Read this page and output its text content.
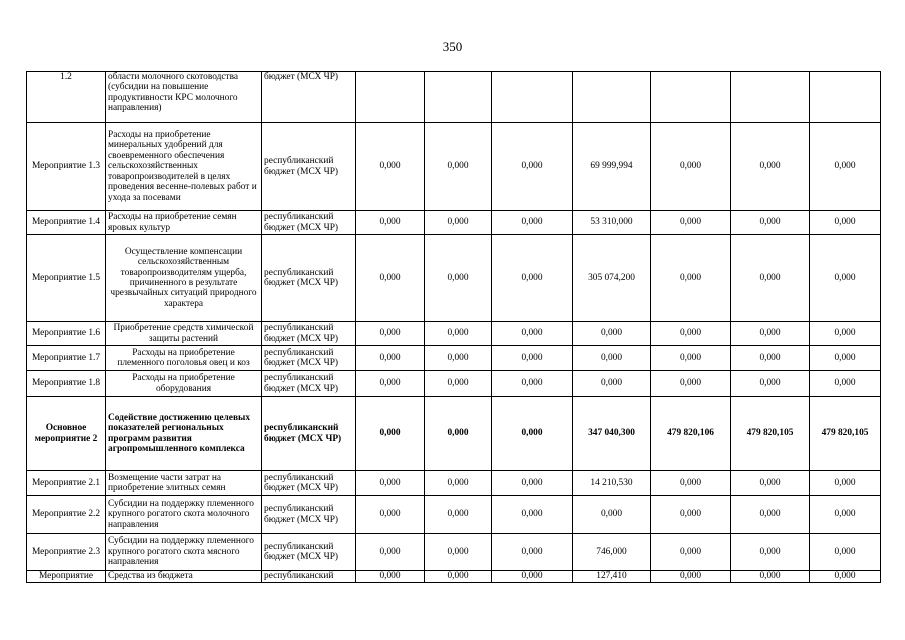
350
1.2	области молочного скотоводства (субсидии на повышение продуктивности КРС молочного направления)	бюджет (МСХ ЧР)							
Мероприятие 1.3	Расходы на приобретение минеральных удобрений для своевременного обеспечения сельскохозяйственных товаропроизводителей в целях проведения весенне-полевых работ и ухода за посевами	республиканский бюджет (МСХ ЧР)	0,000	0,000	0,000	69 999,994	0,000	0,000	0,000
Мероприятие 1.4	Расходы на приобретение семян яровых культур	республиканский бюджет (МСХ ЧР)	0,000	0,000	0,000	53 310,000	0,000	0,000	0,000
Мероприятие 1.5	Осуществление компенсации сельскохозяйственным товаропроизводителям ущерба, причиненного в результате чрезвычайных ситуаций природного характера	республиканский бюджет (МСХ ЧР)	0,000	0,000	0,000	305 074,200	0,000	0,000	0,000
Мероприятие 1.6	Приобретение средств химической защиты растений	республиканский бюджет (МСХ ЧР)	0,000	0,000	0,000	0,000	0,000	0,000	0,000
Мероприятие 1.7	Расходы на приобретение племенного поголовья овец и коз	республиканский бюджет (МСХ ЧР)	0,000	0,000	0,000	0,000	0,000	0,000	0,000
Мероприятие 1.8	Расходы на приобретение оборудования	республиканский бюджет (МСХ ЧР)	0,000	0,000	0,000	0,000	0,000	0,000	0,000
Основное мероприятие 2	Содействие достижению целевых показателей региональных программ развития агропромышленного комплекса	республиканский бюджет (МСХ ЧР)	0,000	0,000	0,000	347 040,300	479 820,106	479 820,105	479 820,105
Мероприятие 2.1	Возмещение части затрат на приобретение элитных семян	республиканский бюджет (МСХ ЧР)	0,000	0,000	0,000	14 210,530	0,000	0,000	0,000
Мероприятие 2.2	Субсидии на поддержку племенного крупного рогатого скота молочного направления	республиканский бюджет (МСХ ЧР)	0,000	0,000	0,000	0,000	0,000	0,000	0,000
Мероприятие 2.3	Субсидии на поддержку племенного крупного рогатого скота мясного направления	республиканский бюджет (МСХ ЧР)	0,000	0,000	0,000	746,000	0,000	0,000	0,000
Мероприятие	Средства из бюджета	республиканский	0,000	0,000	0,000	127,410	0,000	0,000	0,000
